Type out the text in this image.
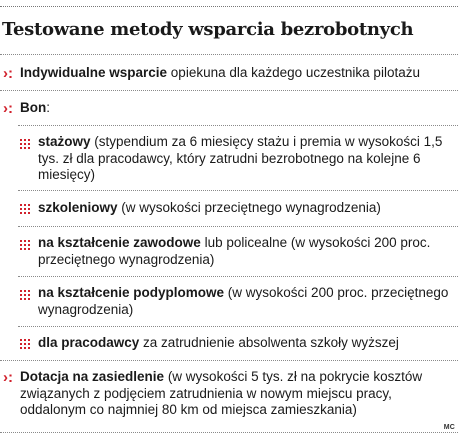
Testowane metody wsparcia bezrobotnych
›: Indywidualne wsparcie opiekuna dla każdego uczestnika pilotażu
›: Bon:
stażowy (stypendium za 6 miesięcy stażu i premia w wysokości 1,5 tys. zł dla pracodawcy, który zatrudni bezrobotnego na kolejne 6 miesięcy)
szkoleniowy (w wysokości przeciętnego wynagrodzenia)
na kształcenie zawodowe lub policealne (w wysokości 200 proc. przeciętnego wynagrodzenia)
na kształcenie podyplomowe (w wysokości 200 proc. przeciętnego wynagrodzenia)
dla pracodawcy za zatrudnienie absolwenta szkoły wyższej
›: Dotacja na zasiedlenie (w wysokości 5 tys. zł na pokrycie kosztów związanych z podjęciem zatrudnienia w nowym miejscu pracy, oddalonym co najmniej 80 km od miejsca zamieszkania)
MC
